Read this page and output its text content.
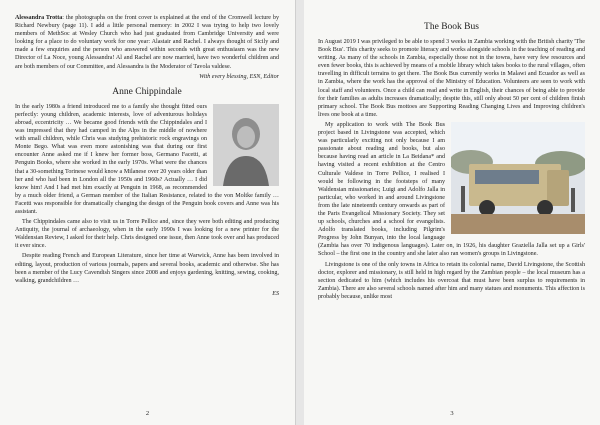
Alessandra Trotta: the photographs on the front cover is explained at the end of the Cromwell lecture by Richard Newbury (page 11). I add a little personal memory: in 2002 I was trying to help two lovely members of MethSoc at Wesley Church who had just graduated from Cambridge University and were looking for a place to do voluntary work for one year: Alastair and Rachel. I always thought of Sicily and made a few enquiries and the person who answered within seconds with great enthusiasm was the new Director of La Noce, young Alessandra! Al and Rachel are now married, have two wonderful children and are both members of our Committee, and Alessandra is the Moderator of Tavola valdese.

With every blessing, ESN, Editor
Anne Chippindale

In the early 1980s a friend introduced me to a family she thought fitted ours perfectly: young children, academic interests, love of adventurous holidays abroad, eccentricity … We became good friends with the Chippindales and I was impressed that they had camped in the Alps in the middle of nowhere with small children, while Chris was studying prehistoric rock engravings on Monte Bego. What was even more astonishing was that during our first encounter Anne asked me if I knew her former boss, Germano Facetti, at Penguin Books, where she worked in the early 1970s. What were the chances that a 30-something Torinese would know a Milanese over 20 years older than her and who had been in London all the 1950s and 1960s? Actually … I did know him! And I had met him exactly at Penguin in 1968, as recommended by a much older friend, a German member of the Italian Resistance, related to the von Moltke family … Facetti was responsible for dramatically changing the design of the Penguin book covers and Anne was his assistant.

The Chippindales came also to visit us in Torre Pellice and, since they were both editing and producing Antiquity, the journal of archaeology, when in the early 1990s I was looking for a new printer for the Waldensian Review, I asked for their help. Chris designed one issue, then Anne took over and has produced it ever since.

Despite reading French and European Literature, since her time at Warwick, Anne has been involved in editing, layout, production of various journals, papers and several books, academic and otherwise. She has been a member of the Lucy Cavendish Singers since 2008 and enjoys gardening, knitting, sewing, cooking, walking, grandchildren …

ES
2
The Book Bus

In August 2019 I was privileged to be able to spend 3 weeks in Zambia working with the British charity 'The Book Bus'. This charity seeks to promote literacy and works alongside schools in the teaching of reading and writing. As many of the schools in Zambia, especially those not in the towns, have very few resources and even fewer books, this is achieved by means of a mobile library which takes books to the rural villages, often travelling in difficult terrains to get there. The Book Bus currently works in Malawi and Ecuador as well as in Zambia, where the work has the approval of the Ministry of Education. Volunteers are seen to work with local staff and volunteers. Once a child can read and write in English, their chances of being able to provide for their families as adults increases dramatically; despite this, still only about 50 per cent of children finish primary school. The Book Bus mottoes are Supporting Reading Changing Lives and Improving children's lives one book at a time.

My application to work with The Book Bus project based in Livingstone was accepted, which was particularly exciting not only because I am passionate about reading and books, but also because having read an article in La Beidana* and having visited a recent exhibition at the Centro Culturale Valdese in Torre Pellice, I realised I would be following in the footsteps of many Waldensian missionaries; Luigi and Adolfo Jalla in particular, who worked in and around Livingstone from the late nineteenth century onwards as part of the Paris Evangelical Missionary Society. They set up schools, churches and a school for evangelists. Adolfo translated books, including Pilgrim's Progress by John Bunyan, into the local language (Zambia has over 70 indigenous languages). Later on, in 1926, his daughter Graziella Jalla set up a Girls' School – the first one in the country and she later also ran women's groups in Livingstone.

Livingstone is one of the only towns in Africa to retain its colonial name, David Livingstone, the Scottish doctor, explorer and missionary, is still held in high regard by the Zambian people – the local museum has a section dedicated to him (which includes his overcoat that must have been surplus to requirements in Zambia). There are also several schools named after him and many statues and monuments. This affection is probably because, unlike most

3
